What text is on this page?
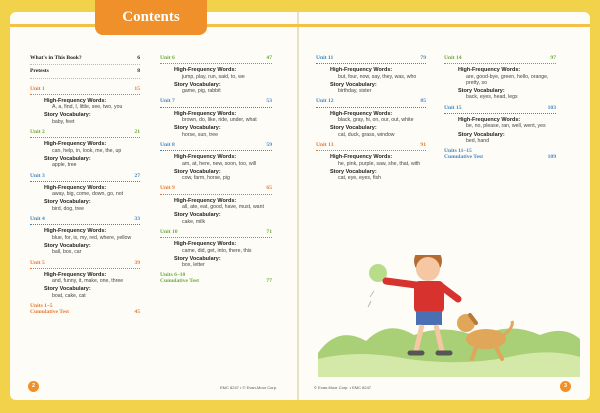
Contents
What's in This Book?	6
Pretests	8
Unit 1	15
High-Frequency Words:
A, a, find, I, little, see, two, you
Story Vocabulary:
baby, feet
Unit 2	21
High-Frequency Words:
can, help, in, look, me, the, up
Story Vocabulary:
apple, tree
Unit 3	27
High-Frequency Words:
away, big, come, down, go, not
Story Vocabulary:
bird, dog, tree
Unit 4	33
High-Frequency Words:
blue, for, is, my, red, where, yellow
Story Vocabulary:
ball, box, car
Unit 5	39
High-Frequency Words:
and, funny, it, make, one, three
Story Vocabulary:
boat, cake, cat
Units 1–5
Cumulative Test	45
Unit 6	47
High-Frequency Words:
jump, play, run, said, to, we
Story Vocabulary:
game, pig, rabbit
Unit 7	53
High-Frequency Words:
brown, do, like, ride, under, what
Story Vocabulary:
horse, sun, tree
Unit 8	59
High-Frequency Words:
am, at, here, new, soon, too, will
Story Vocabulary:
cow, farm, horse, pig
Unit 9	65
High-Frequency Words:
all, ate, eat, good, have, must, want
Story Vocabulary:
cake, milk
Unit 10	71
High-Frequency Words:
came, did, get, into, there, this
Story Vocabulary:
box, letter
Units 6–10
Cumulative Test	77
Unit 11	79
High-Frequency Words:
but, four, now, say, they, was, who
Story Vocabulary:
birthday, sister
Unit 12	85
High-Frequency Words:
black, gray, hi, on, our, out, white
Story Vocabulary:
cat, duck, grass, window
Unit 13	91
High-Frequency Words:
he, pink, purple, saw, she, that, with
Story Vocabulary:
cat, eye, eyes, fish
Unit 14	97
High-Frequency Words:
are, good-bye, green, hello, orange, pretty, so
Story Vocabulary:
back, eyes, head, legs
Unit 15	103
High-Frequency Words:
be, no, please, ran, well, went, yes
Story Vocabulary:
bed, hand
Units 11–15
Cumulative Test	109
2	EMC 8247 • © Evan-Moor Corp.	© Evan-Moor Corp. • EMC 8247	3
